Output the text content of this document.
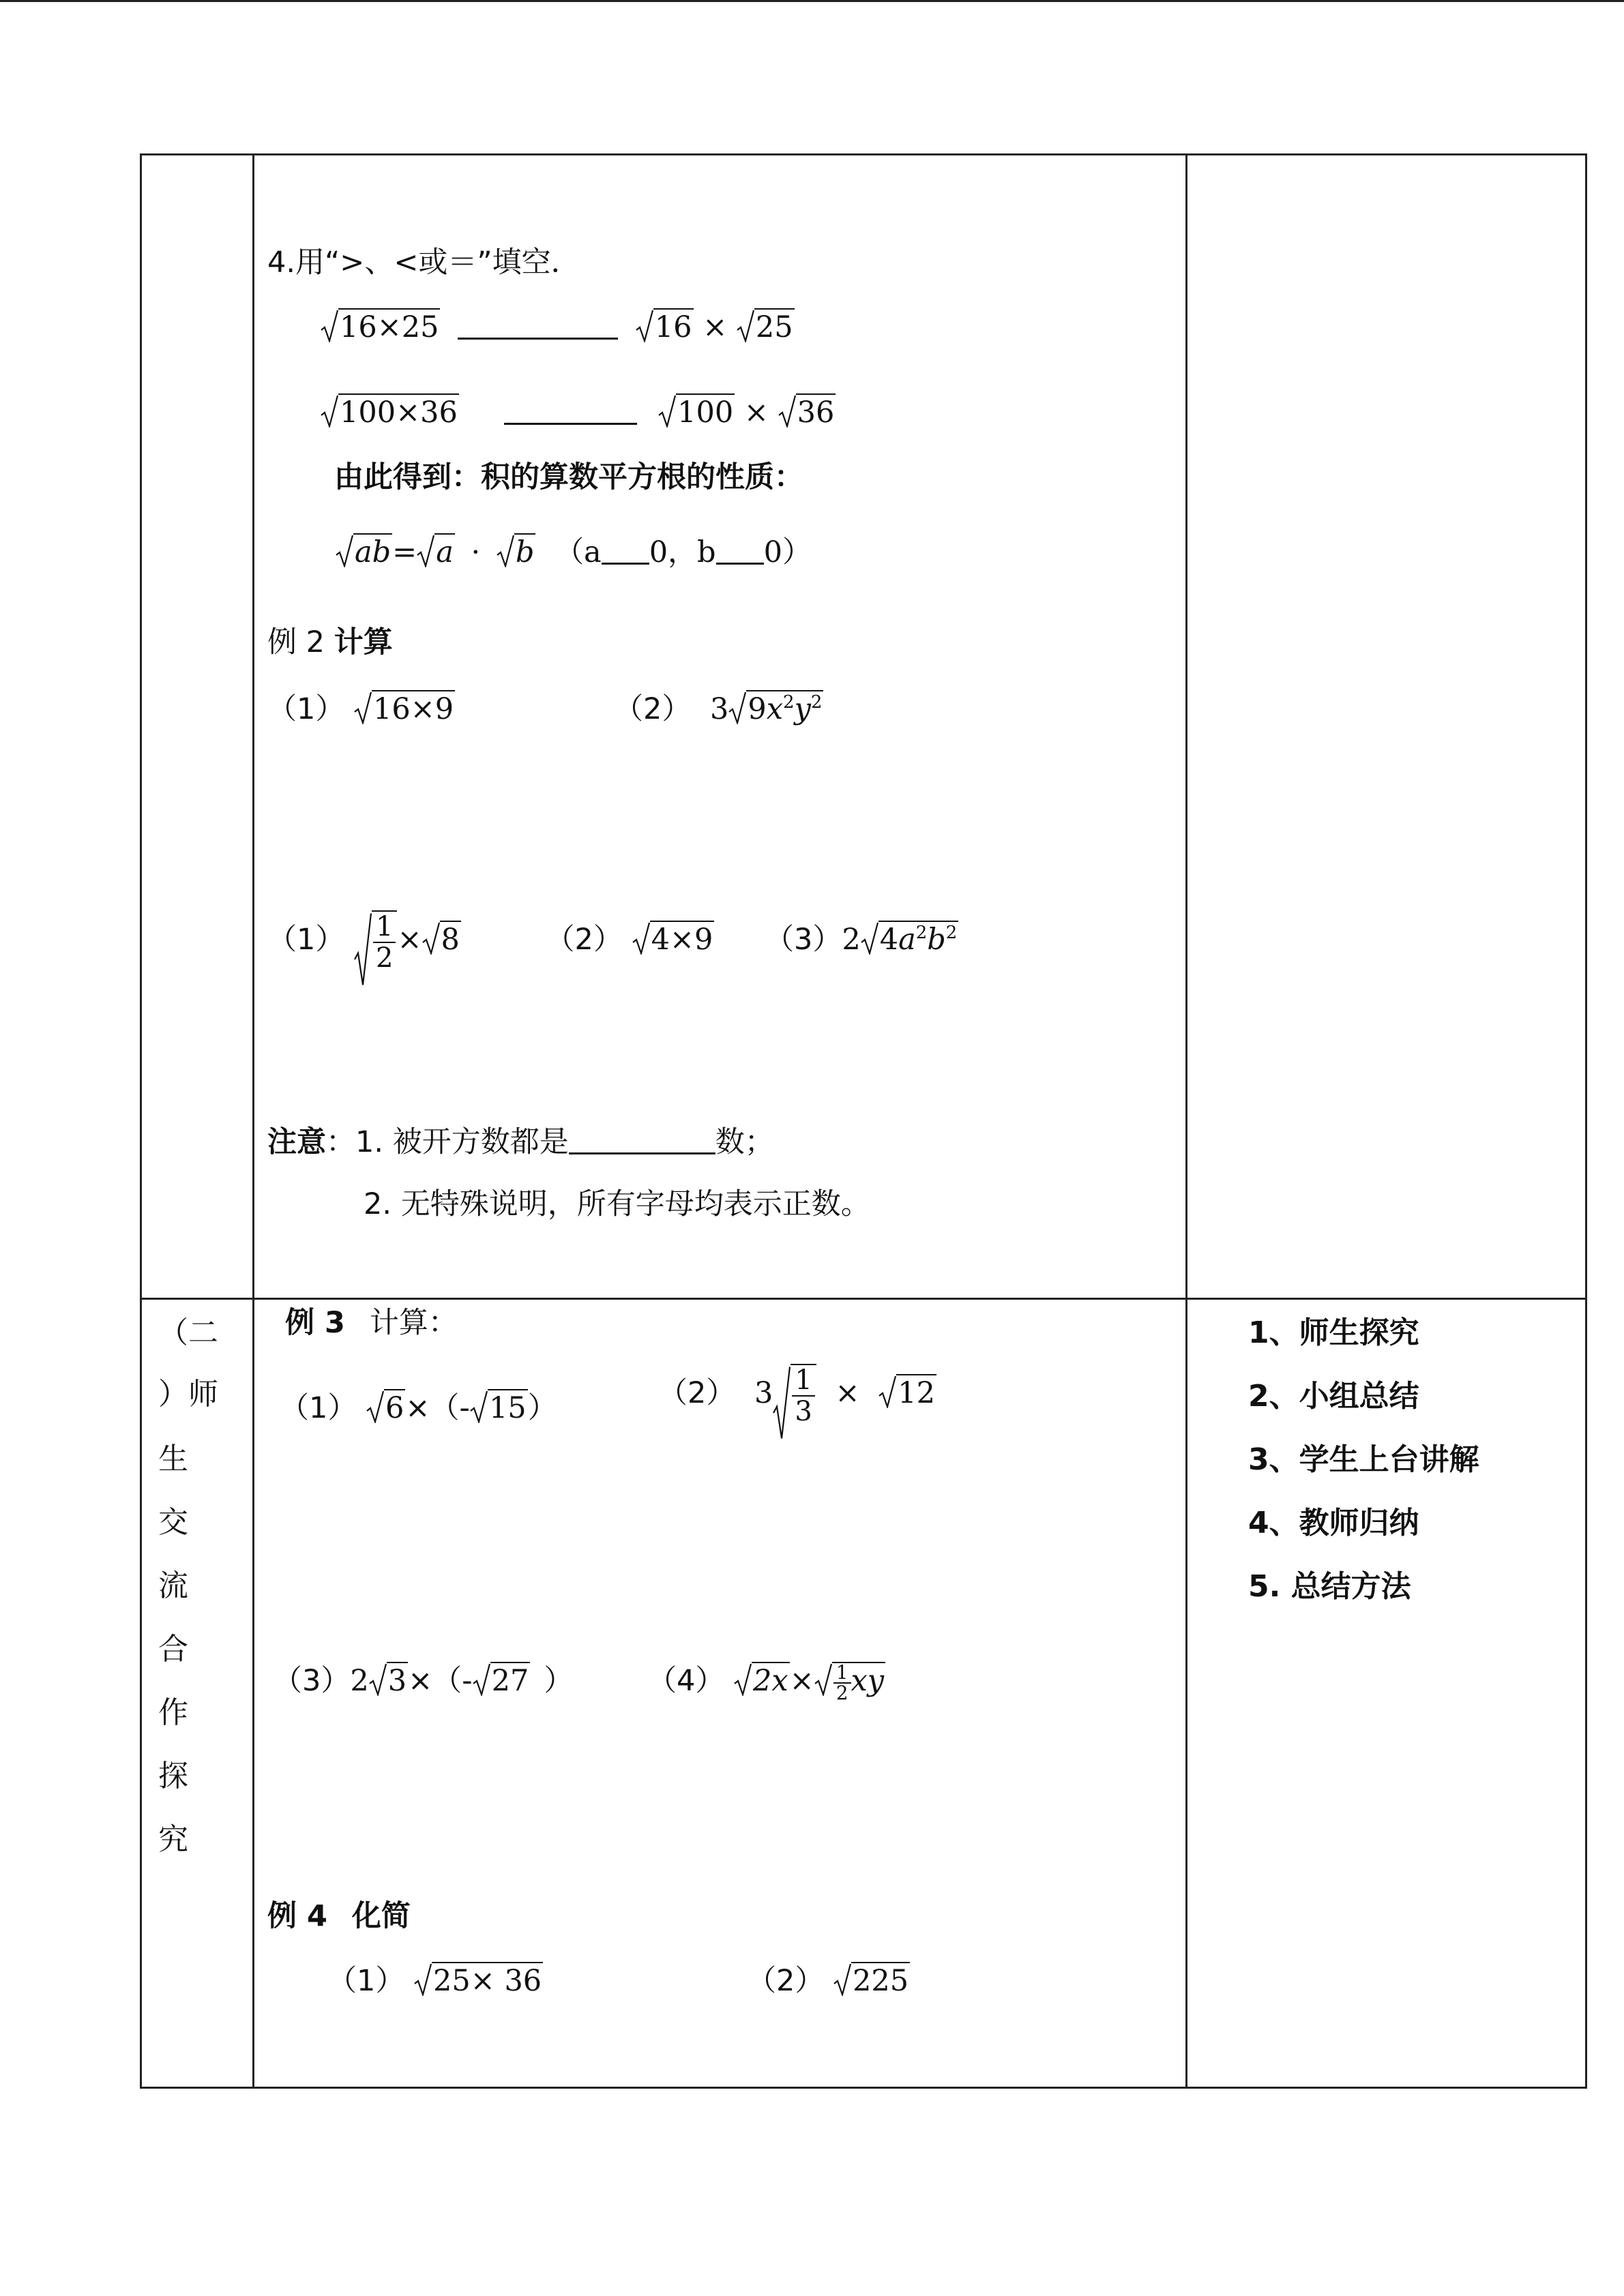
4.用“>、<或＝”填空．
16×25	16 × 25
100×36	100 × 36
由此得到：积的算数平方根的性质：
ab= a · b （a 0，b 0）
例 2 计算
（1） 16×9	（2） 3 $9x^2y^2$
$(1) \frac{1}{2} \times 8$	（2） 4×9 （3）2 $4a^2b^2$
注意：1. 被开方数都是	数；
2. 无特殊说明，所有字母均表示正数。
（二
）师
生
交
流
合
作
探
究
例 3 计算：
（1） 6×（- 15）	（2） $3 \frac{1}{3} \times 12$
（3）2 3×（- 27 ）	（4） $2x\times \frac{1}{2}$ xy
例 4 化简
（1） 25× 36	（2） 225
1、师生探究
2、小组总结
3、学生上台讲解
4、教师归纳
5. 总结方法
